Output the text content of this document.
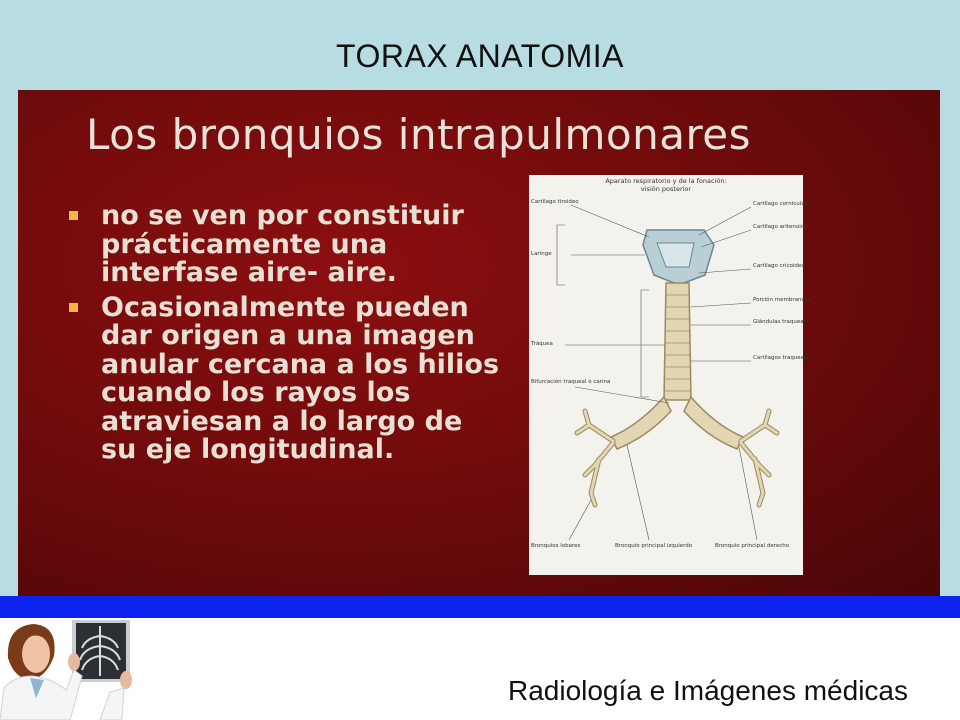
TORAX ANATOMIA
Los bronquios intrapulmonares
no se ven por constituir prácticamente una interfase aire- aire.
Ocasionalmente pueden dar origen a una imagen anular cercana a los hilios cuando los rayos los atraviesan a lo largo de su eje longitudinal.
Aparato respiratorio y de la fonación:
visión posterior
Cartílago tiroideo
Laringe
Tráquea
Bifurcación traqueal o carina
Bronquios lobares
Cartílago corniculado
Cartílago aritenoides
Cartílago cricoides
Porción membranosa
Glándulas traqueales
Cartílagos traqueales
Bronquio principal izquierdo	Bronquio principal derecho
Radiología e Imágenes médicas
